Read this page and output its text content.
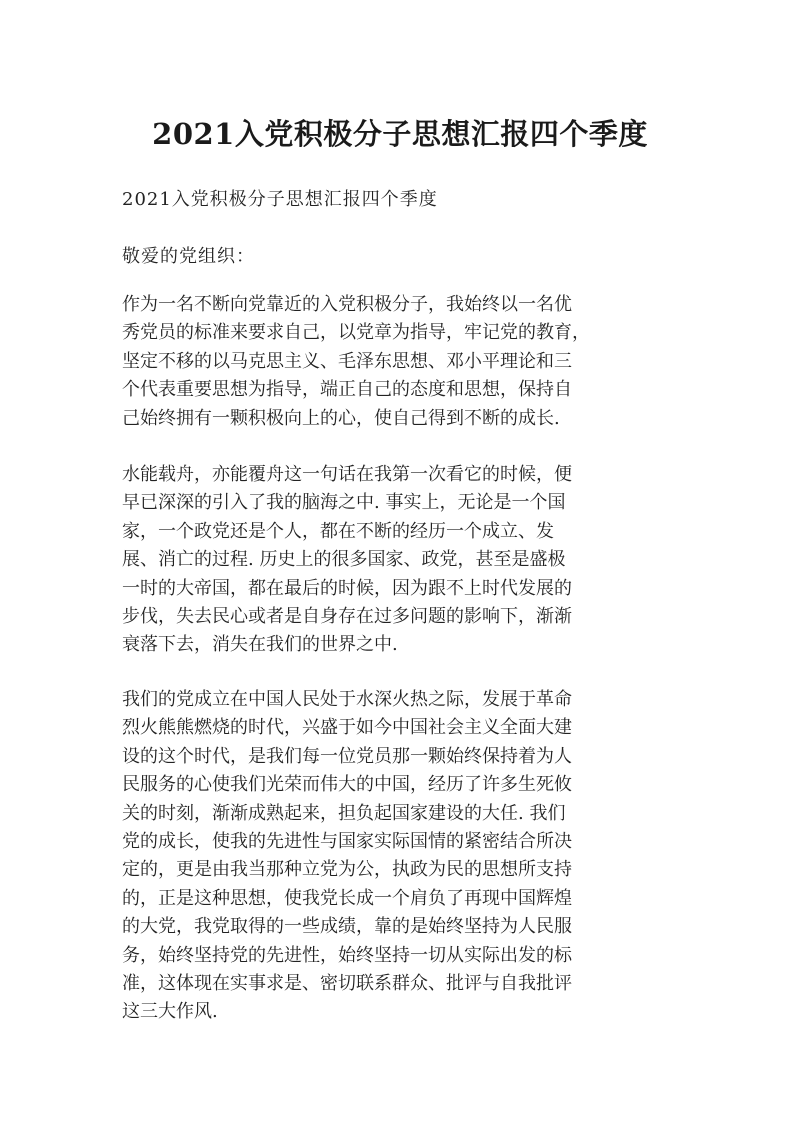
2021入党积极分子思想汇报四个季度
2021入党积极分子思想汇报四个季度
敬爱的党组织：
作为一名不断向党靠近的入党积极分子，我始终以一名优
秀党员的标准来要求自己，以党章为指导，牢记党的教育，
坚定不移的以马克思主义、毛泽东思想、邓小平理论和三
个代表重要思想为指导，端正自己的态度和思想，保持自
己始终拥有一颗积极向上的心，使自己得到不断的成长.
水能载舟，亦能覆舟这一句话在我第一次看它的时候，便
早已深深的引入了我的脑海之中. 事实上，无论是一个国
家，一个政党还是个人，都在不断的经历一个成立、发
展、消亡的过程. 历史上的很多国家、政党，甚至是盛极
一时的大帝国，都在最后的时候，因为跟不上时代发展的
步伐，失去民心或者是自身存在过多问题的影响下，渐渐
衰落下去，消失在我们的世界之中.
我们的党成立在中国人民处于水深火热之际，发展于革命
烈火熊熊燃烧的时代，兴盛于如今中国社会主义全面大建
设的这个时代，是我们每一位党员那一颗始终保持着为人
民服务的心使我们光荣而伟大的中国，经历了许多生死攸
关的时刻，渐渐成熟起来，担负起国家建设的大任. 我们
党的成长，使我的先进性与国家实际国情的紧密结合所决
定的，更是由我当那种立党为公，执政为民的思想所支持
的，正是这种思想，使我党长成一个肩负了再现中国辉煌
的大党，我党取得的一些成绩，靠的是始终坚持为人民服
务，始终坚持党的先进性，始终坚持一切从实际出发的标
准，这体现在实事求是、密切联系群众、批评与自我批评
这三大作风.
